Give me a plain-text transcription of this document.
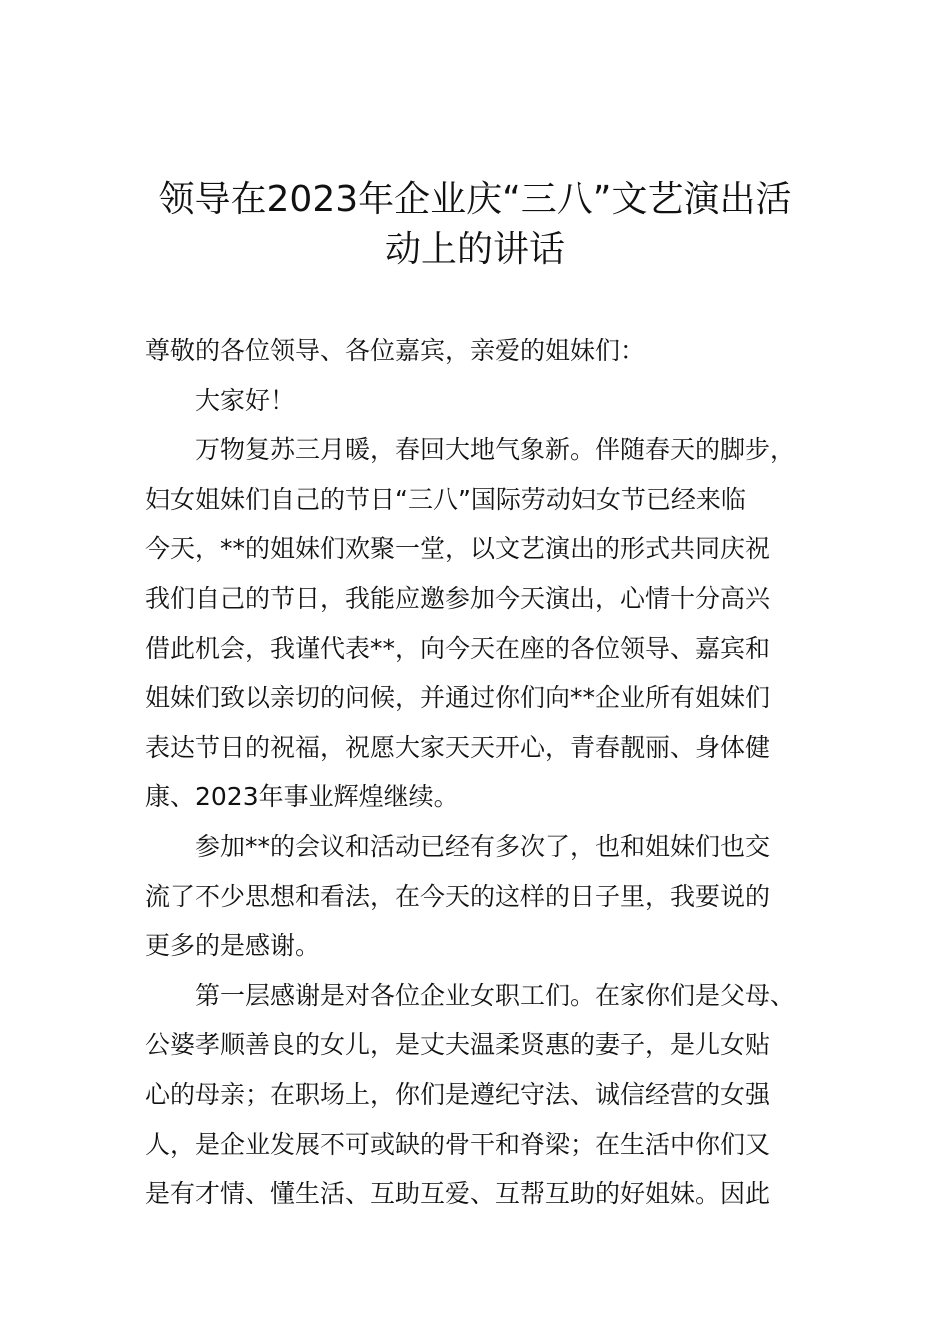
领导在2023年企业庆“三八”文艺演出活
动上的讲话
尊敬的各位领导、各位嘉宾，亲爱的姐妹们：
大家好！
万物复苏三月暖，春回大地气象新。伴随春天的脚步，
妇女姐妹们自己的节日“三八”国际劳动妇女节已经来临
今天，**的姐妹们欢聚一堂，以文艺演出的形式共同庆祝
我们自己的节日，我能应邀参加今天演出，心情十分高兴
借此机会，我谨代表**，向今天在座的各位领导、嘉宾和
姐妹们致以亲切的问候，并通过你们向**企业所有姐妹们
表达节日的祝福，祝愿大家天天开心，青春靓丽、身体健
康、2023年事业辉煌继续。
参加**的会议和活动已经有多次了，也和姐妹们也交
流了不少思想和看法，在今天的这样的日子里，我要说的
更多的是感谢。
第一层感谢是对各位企业女职工们。在家你们是父母、
公婆孝顺善良的女儿，是丈夫温柔贤惠的妻子，是儿女贴
心的母亲；在职场上，你们是遵纪守法、诚信经营的女强
人，是企业发展不可或缺的骨干和脊梁；在生活中你们又
是有才情、懂生活、互助互爱、互帮互助的好姐妹。因此
